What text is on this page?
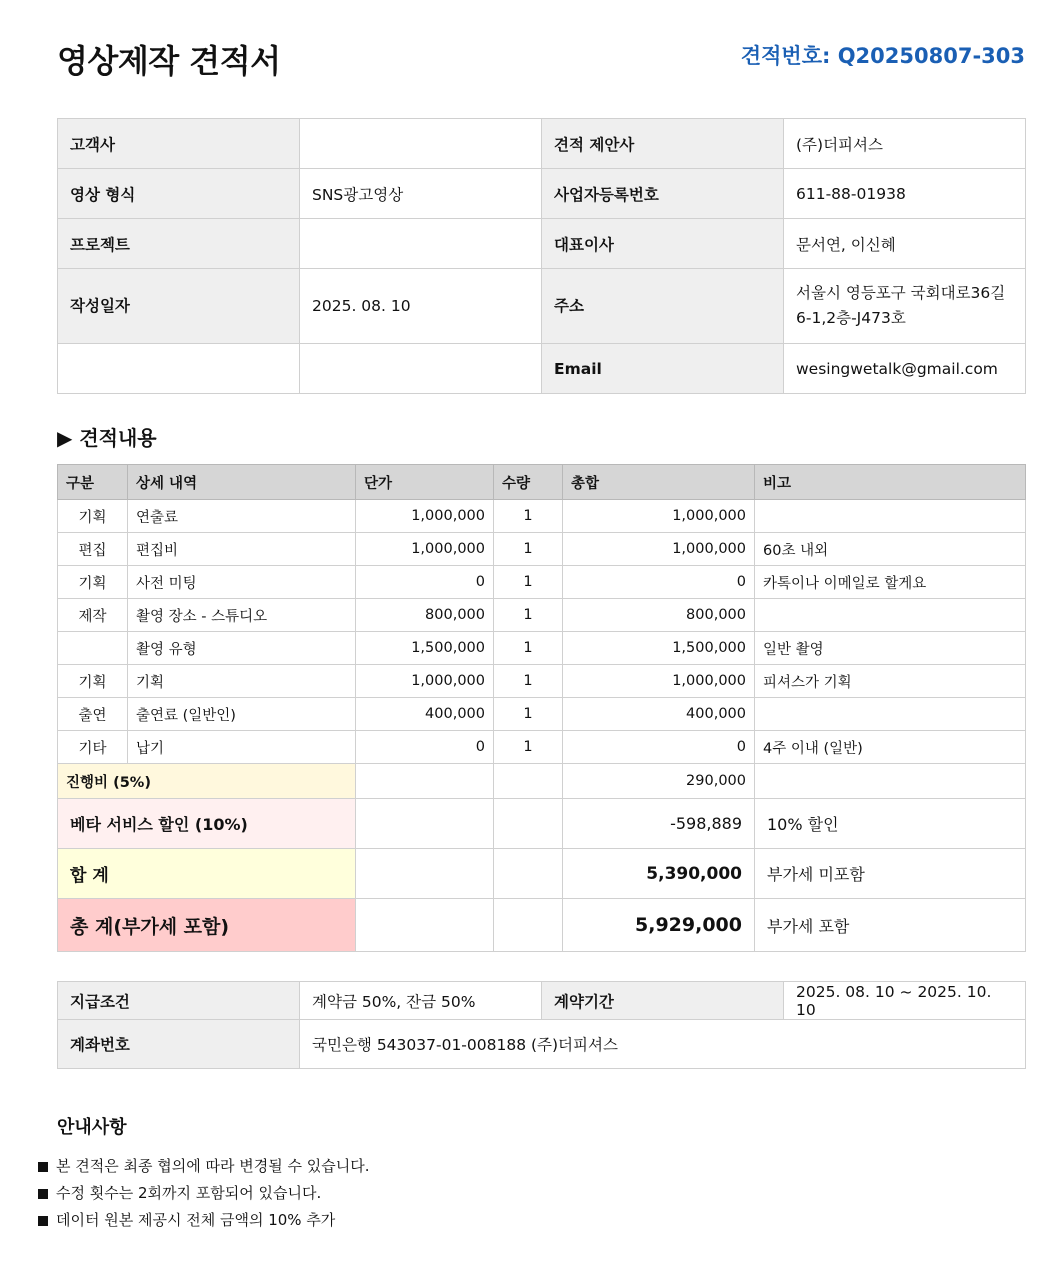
영상제작 견적서	견적번호: Q20250807-303
고객사		견적 제안사	(주)더피셔스
영상 형식	SNS광고영상	사업자등록번호	611-88-01938
프로젝트		대표이사	문서연, 이신혜
작성일자	2025. 08. 10	주소	서울시 영등포구 국회대로36길
6-1,2층-J473호

		Email	wesingwetalk@gmail.com
▶ 견적내용
구분	상세 내역	단가	수량	총합	비고
기획	연출료	1,000,000	1	1,000,000	
편집	편집비	1,000,000	1	1,000,000	60초 내외
기획	사전 미팅	0	1	0	카톡이나 이메일로 할게요
제작	촬영 장소 - 스튜디오	800,000	1	800,000	
	촬영 유형	1,500,000	1	1,500,000	일반 촬영
기획	기획	1,000,000	1	1,000,000	피셔스가 기획
출연	출연료 (일반인)	400,000	1	400,000	
기타	납기	0	1	0	4주 이내 (일반)
진행비 (5%)				290,000	
베타 서비스 할인 (10%)				-598,889	10% 할인
합 계				5,390,000	부가세 미포함
총 계(부가세 포함)				5,929,000	부가세 포함
지급조건	계약금 50%, 잔금 50%	계약기간	2025. 08. 10 ~ 2025. 10. 10
계좌번호	국민은행 543037-01-008188 (주)더피셔스		
안내사항
본 견적은 최종 협의에 따라 변경될 수 있습니다.
수정 횟수는 2회까지 포함되어 있습니다.
데이터 원본 제공시 전체 금액의 10% 추가
